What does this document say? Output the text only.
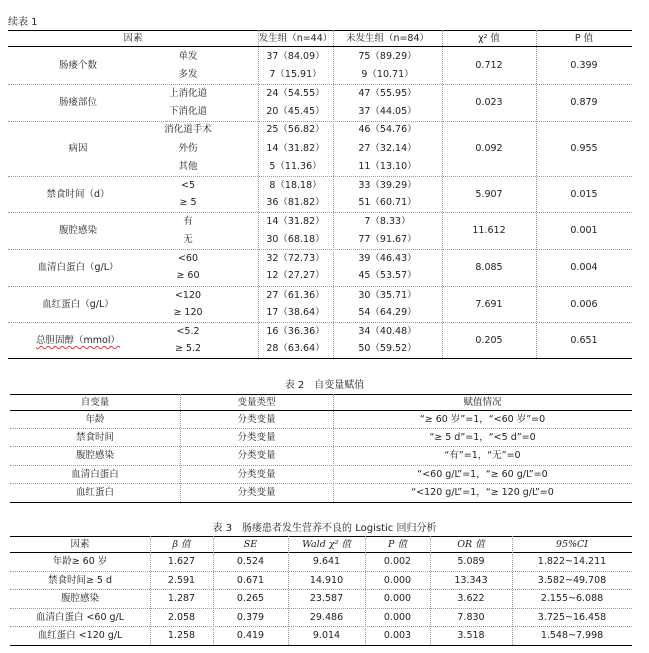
续表 1
因素	发生组（n=44）	未发生组（n=84）	χ² 值	P 值
肠瘘个数
单发	37（84.09）	75（89.29）
多发	7（15.91）	9（10.71）
0.712	0.399
肠瘘部位
上消化道	24（54.55）	47（55.95）
下消化道	20（45.45）	37（44.05）
0.023	0.879
病因
消化道手术	25（56.82）	46（54.76）
外伤	14（31.82）	27（32.14）
其他	5（11.36）	11（13.10）
0.092	0.955
禁食时间（d）
<5	8（18.18）	33（39.29）
≥ 5	36（81.82）	51（60.71）
5.907	0.015
腹腔感染
有	14（31.82）	7（8.33）
无	30（68.18）	77（91.67）
11.612	0.001
血清白蛋白（g/L）
<60	32（72.73）	39（46.43）
≥ 60	12（27.27）	45（53.57）
8.085	0.004
血红蛋白（g/L）
<120	27（61.36）	30（35.71）
≥ 120	17（38.64）	54（64.29）
7.691	0.006
总胆固醇（mmol）
<5.2	16（36.36）	34（40.48）
≥ 5.2	28（63.64）	50（59.52）
0.205	0.651
表 2　自变量赋值
自变量	变量类型	赋值情况
年龄	分类变量	“≥ 60 岁”=1，“<60 岁”=0
禁食时间	分类变量	“≥ 5 d”=1，“<5 d”=0
腹腔感染	分类变量	“有”=1，“无”=0
血清白蛋白	分类变量	“<60 g/L”=1，“≥ 60 g/L”=0
血红蛋白	分类变量	“<120 g/L”=1，“≥ 120 g/L”=0
表 3　肠瘘患者发生营养不良的 Logistic 回归分析
因素	β 值	SE	Wald χ² 值	P 值	OR 值	95%CI
年龄≥ 60 岁	1.627	0.524	9.641	0.002	5.089	1.822~14.211
禁食时间≥ 5 d	2.591	0.671	14.910	0.000	13.343	3.582~49.708
腹腔感染	1.287	0.265	23.587	0.000	3.622	2.155~6.088
血清白蛋白 <60 g/L	2.058	0.379	29.486	0.000	7.830	3.725~16.458
血红蛋白 <120 g/L	1.258	0.419	9.014	0.003	3.518	1.548~7.998
